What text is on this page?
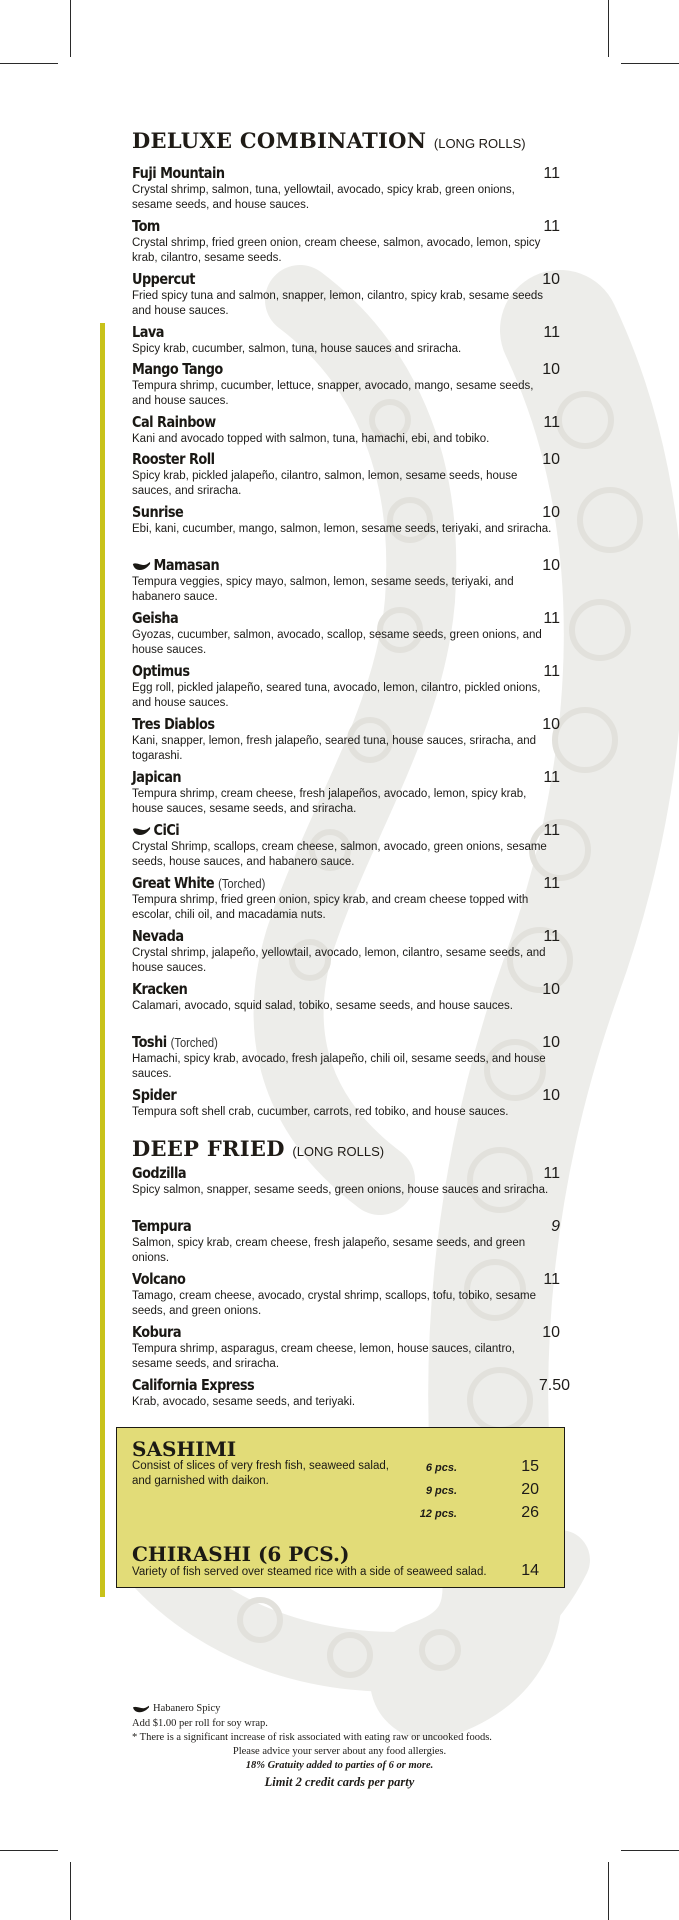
DELUXE COMBINATION (LONG ROLLS)
Fuji Mountain	11
Crystal shrimp, salmon, tuna, yellowtail, avocado, spicy krab, green onions, sesame seeds, and house sauces.
Tom	11
Crystal shrimp, fried green onion, cream cheese, salmon, avocado, lemon, spicy krab, cilantro, sesame seeds.
Uppercut	10
Fried spicy tuna and salmon, snapper, lemon, cilantro, spicy krab, sesame seeds and house sauces.
Lava	11
Spicy krab, cucumber, salmon, tuna, house sauces and sriracha.
Mango Tango	10
Tempura shrimp, cucumber, lettuce, snapper, avocado, mango, sesame seeds, and house sauces.
Cal Rainbow	11
Kani and avocado topped with salmon, tuna, hamachi, ebi, and tobiko.
Rooster Roll	10
Spicy krab, pickled jalapeño, cilantro, salmon, lemon, sesame seeds, house sauces, and sriracha.
Sunrise	10
Ebi, kani, cucumber, mango, salmon, lemon, sesame seeds, teriyaki, and sriracha.
Mamasan	10
Tempura veggies, spicy mayo, salmon, lemon, sesame seeds, teriyaki, and habanero sauce.
Geisha	11
Gyozas, cucumber, salmon, avocado, scallop, sesame seeds, green onions, and house sauces.
Optimus	11
Egg roll, pickled jalapeño, seared tuna, avocado, lemon, cilantro, pickled onions, and house sauces.
Tres Diablos	10
Kani, snapper, lemon, fresh jalapeño, seared tuna, house sauces, sriracha, and togarashi.
Japican	11
Tempura shrimp, cream cheese, fresh jalapeños, avocado, lemon, spicy krab, house sauces, sesame seeds, and sriracha.
CiCi	11
Crystal Shrimp, scallops, cream cheese, salmon, avocado, green onions, sesame seeds, house sauces, and habanero sauce.
Great White (Torched)	11
Tempura shrimp, fried green onion, spicy krab, and cream cheese topped with escolar, chili oil, and macadamia nuts.
Nevada	11
Crystal shrimp, jalapeño, yellowtail, avocado, lemon, cilantro, sesame seeds, and house sauces.
Kracken	10
Calamari, avocado, squid salad, tobiko, sesame seeds, and house sauces.
Toshi (Torched)	10
Hamachi, spicy krab, avocado, fresh jalapeño, chili oil, sesame seeds, and house sauces.
Spider	10
Tempura soft shell crab, cucumber, carrots, red tobiko, and house sauces.
DEEP FRIED (LONG ROLLS)
Godzilla	11
Spicy salmon, snapper, sesame seeds, green onions, house sauces and sriracha.
Tempura	9
Salmon, spicy krab, cream cheese, fresh jalapeño, sesame seeds, and green onions.
Volcano	11
Tamago, cream cheese, avocado, crystal shrimp, scallops, tofu, tobiko, sesame seeds, and green onions.
Kobura	10
Tempura shrimp, asparagus, cream cheese, lemon, house sauces, cilantro, sesame seeds, and sriracha.
California Express	7.50
Krab, avocado, sesame seeds, and teriyaki.
SASHIMI
Consist of slices of very fresh fish, seaweed salad,
and garnished with daikon.
6 pcs.	15
9 pcs.	20
12 pcs.	26
CHIRASHI (6 PCS.)
Variety of fish served over steamed rice with a side of seaweed salad. 14
Habanero Spicy
Add $1.00 per roll for soy wrap.
* There is a significant increase of risk associated with eating raw or uncooked foods.
Please advice your server about any food allergies.
18% Gratuity added to parties of 6 or more.
Limit 2 credit cards per party
